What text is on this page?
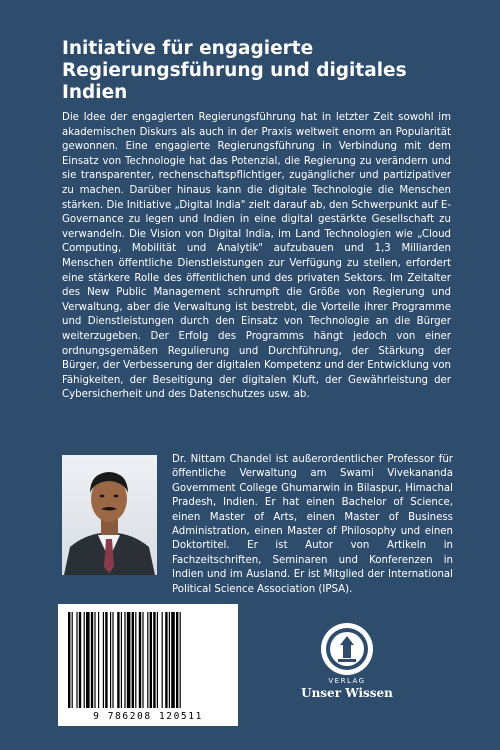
Initiative für engagierte
Regierungsführung und digitales
Indien

Die Idee der engagierten Regierungsführung hat in letzter Zeit sowohl im akademischen Diskurs als auch in der Praxis weltweit enorm an Popularität gewonnen. Eine engagierte Regierungsführung in Verbindung mit dem Einsatz von Technologie hat das Potenzial, die Regierung zu verändern und sie transparenter, rechenschaftspflichtiger, zugänglicher und partizipativer zu machen. Darüber hinaus kann die digitale Technologie die Menschen stärken. Die Initiative „Digital India" zielt darauf ab, den Schwerpunkt auf E-Governance zu legen und Indien in eine digital gestärkte Gesellschaft zu verwandeln. Die Vision von Digital India, im Land Technologien wie „Cloud Computing, Mobilität und Analytik" aufzubauen und 1,3 Milliarden Menschen öffentliche Dienstleistungen zur Verfügung zu stellen, erfordert eine stärkere Rolle des öffentlichen und des privaten Sektors. Im Zeitalter des New Public Management schrumpft die Größe von Regierung und Verwaltung, aber die Verwaltung ist bestrebt, die Vorteile ihrer Programme und Dienstleistungen durch den Einsatz von Technologie an die Bürger weiterzugeben. Der Erfolg des Programms hängt jedoch von einer ordnungsgemäßen Regulierung und Durchführung, der Stärkung der Bürger, der Verbesserung der digitalen Kompetenz und der Entwicklung von Fähigkeiten, der Beseitigung der digitalen Kluft, der Gewährleistung der Cybersicherheit und des Datenschutzes usw. ab.

Dr. Nittam Chandel ist außerordentlicher Professor für öffentliche Verwaltung am Swami Vivekananda Government College Ghumarwin in Bilaspur, Himachal Pradesh, Indien. Er hat einen Bachelor of Science, einen Master of Arts, einen Master of Business Administration, einen Master of Philosophy und einen Doktortitel. Er ist Autor von Artikeln in Fachzeitschriften, Seminaren und Konferenzen in Indien und im Ausland. Er ist Mitglied der International Political Science Association (IPSA).

9 786208 120511
VERLAG
Unser Wissen
